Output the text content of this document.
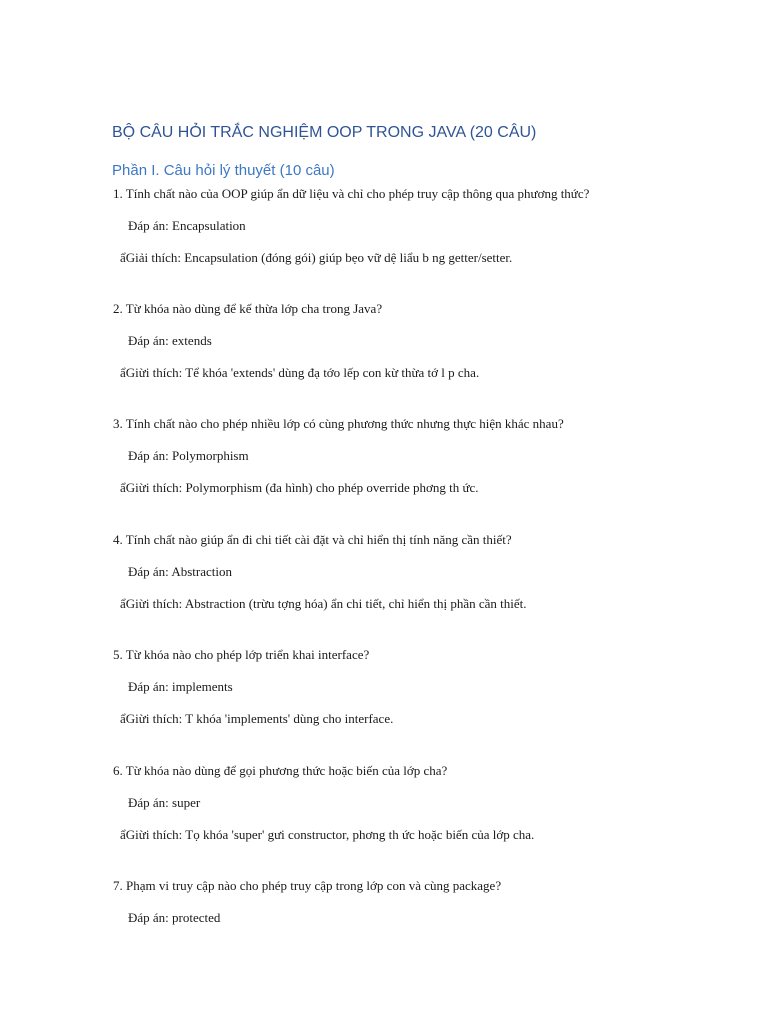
BỘ CÂU HỎI TRẮC NGHIỆM OOP TRONG JAVA (20 CÂU)
Phần I. Câu hỏi lý thuyết (10 câu)
1. Tính chất nào của OOP giúp ẩn dữ liệu và chỉ cho phép truy cập thông qua phương thức?
Đáp án: Encapsulation
ẩGiải thích: Encapsulation (đóng gói) giúp bẹo vữ dệ liẩu b ng getter/setter.
2. Từ khóa nào dùng để kế thừa lớp cha trong Java?
Đáp án: extends
ẩGiừi thích: Tể khóa 'extends' dùng đạ tớo lếp con kừ thừa tớ l p cha.
3. Tính chất nào cho phép nhiều lớp có cùng phương thức nhưng thực hiện khác nhau?
Đáp án: Polymorphism
ẩGiừi thích: Polymorphism (đa hình) cho phép override phơng th ức.
4. Tính chất nào giúp ẩn đi chi tiết cài đặt và chỉ hiển thị tính năng cần thiết?
Đáp án: Abstraction
ẩGiừi thích: Abstraction (trừu tợng hóa) ẩn chi tiết, chỉ hiển thị phần cần thiết.
5. Từ khóa nào cho phép lớp triển khai interface?
Đáp án: implements
ẩGiừi thích: T khóa 'implements' dùng cho interface.
6. Từ khóa nào dùng để gọi phương thức hoặc biến của lớp cha?
Đáp án: super
ẩGiừi thích: Tọ khóa 'super' gưi constructor, phơng th ức hoặc biến của lớp cha.
7. Phạm vi truy cập nào cho phép truy cập trong lớp con và cùng package?
Đáp án: protected
